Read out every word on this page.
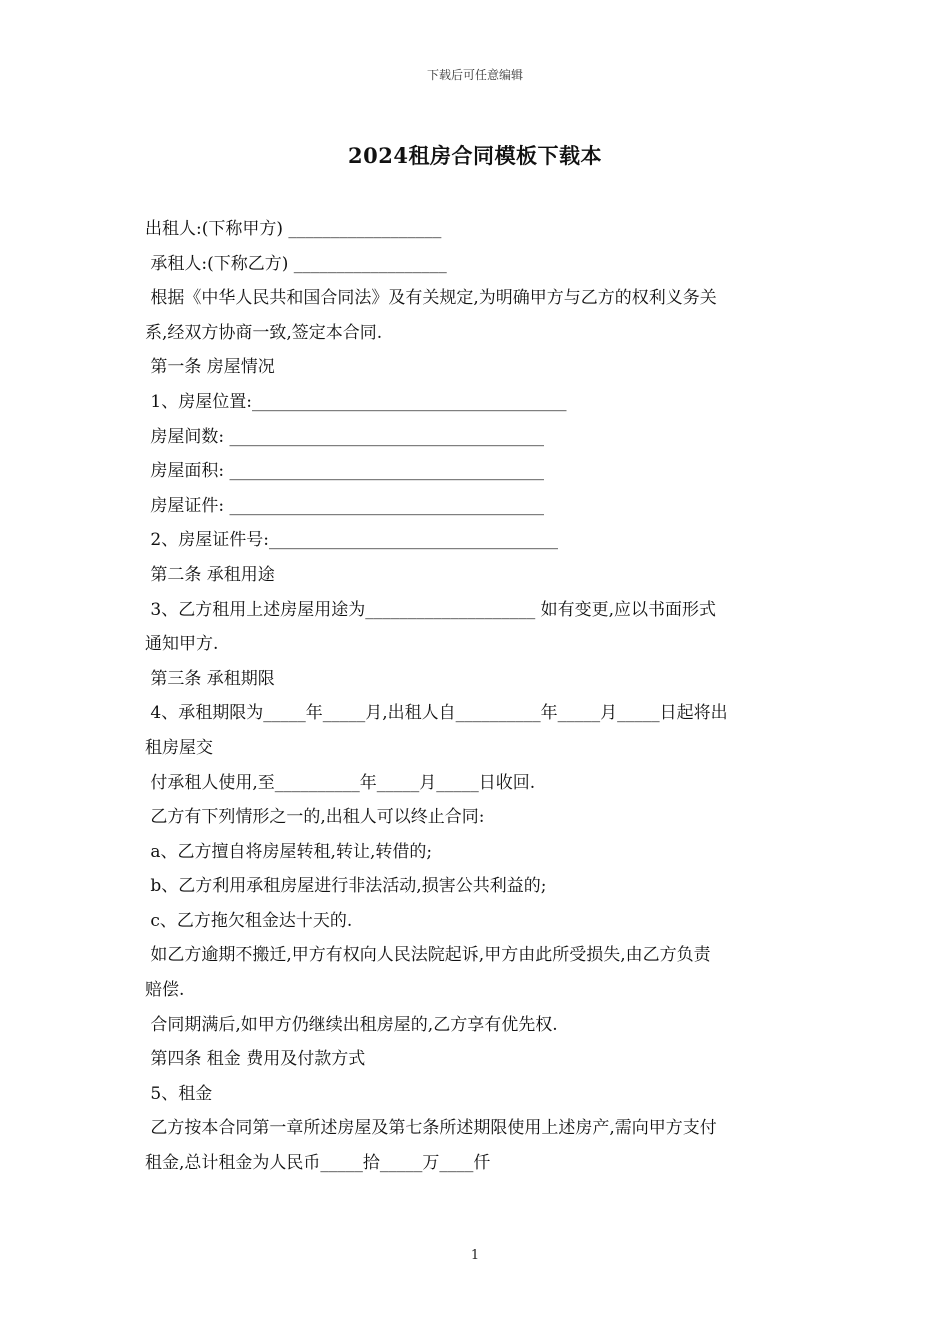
下载后可任意编辑
2024租房合同模板下载本
出租人:(下称甲方) __________________
承租人:(下称乙方) __________________
根据《中华人民共和国合同法》及有关规定,为明确甲方与乙方的权利义务关
系,经双方协商一致,签定本合同.
第一条 房屋情况
1、房屋位置:_____________________________________
房屋间数: _____________________________________
房屋面积: _____________________________________
房屋证件: _____________________________________
2、房屋证件号:__________________________________
第二条 承租用途
3、乙方租用上述房屋用途为____________________ 如有变更,应以书面形式
通知甲方.
第三条 承租期限
4、承租期限为_____年_____月,出租人自__________年_____月_____日起将出
租房屋交
付承租人使用,至__________年_____月_____日收回.
乙方有下列情形之一的,出租人可以终止合同:
a、乙方擅自将房屋转租,转让,转借的;
b、乙方利用承租房屋进行非法活动,损害公共利益的;
c、乙方拖欠租金达十天的.
如乙方逾期不搬迁,甲方有权向人民法院起诉,甲方由此所受损失,由乙方负责
赔偿.
合同期满后,如甲方仍继续出租房屋的,乙方享有优先权.
第四条 租金 费用及付款方式
5、租金
乙方按本合同第一章所述房屋及第七条所述期限使用上述房产,需向甲方支付
租金,总计租金为人民币_____拾_____万____仟
1
